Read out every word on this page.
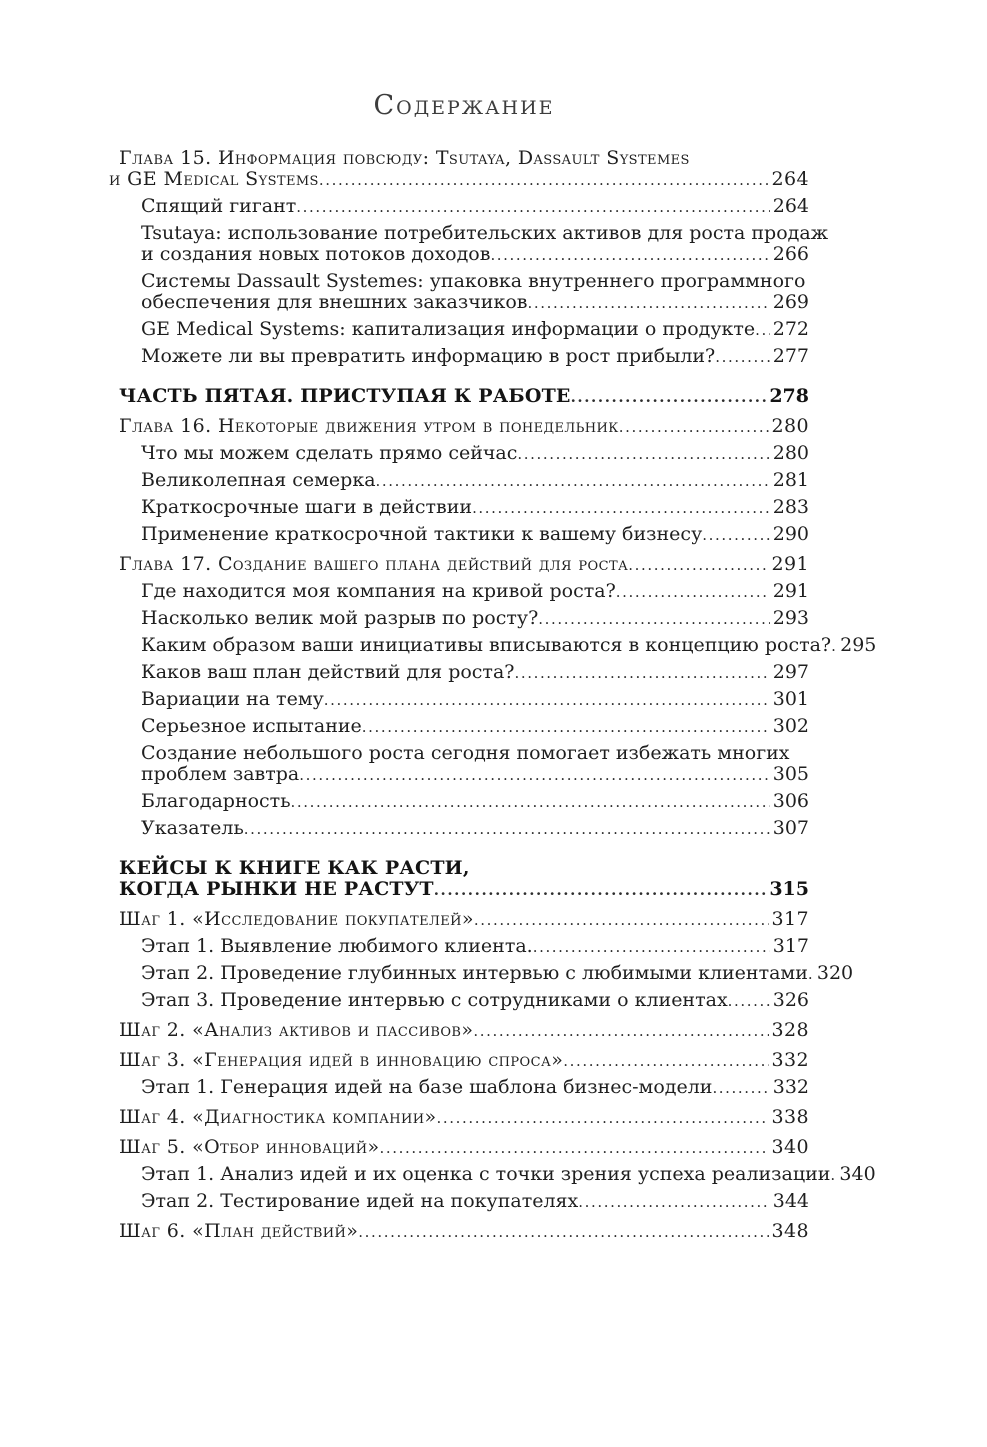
Содержание
Глава 15. Информация повсюду: Tsutaya, Dassault Systemes
и GE Medical Systems .....	264
Спящий гигант .....	264
Tsutaya: использование потребительских активов для роста продаж
и создания новых потоков доходов .....	266
Системы Dassault Systemes: упаковка внутреннего программного
обеспечения для внешних заказчиков .....	269
GE Medical Systems: капитализация информации о продукте ..... 272
Можете ли вы превратить информацию в рост прибыли? .....	277
ЧАСТЬ ПЯТАЯ. ПРИСТУПАЯ К РАБОТЕ .....	278
Глава 16. Некоторые движения утром в понедельник .....	280
Что мы можем сделать прямо сейчас .....	280
Великолепная семерка .....	281
Краткосрочные шаги в действии .....	283
Применение краткосрочной тактики к вашему бизнесу .....	290
Глава 17. Создание вашего плана действий для роста .....	291
Где находится моя компания на кривой роста? .....	291
Насколько велик мой разрыв по росту? .....	293
Каким образом ваши инициативы вписываются в концепцию роста? ..... 295
Каков ваш план действий для роста? .....	297
Вариации на тему .....	301
Серьезное испытание .....	302
Создание небольшого роста сегодня помогает избежать многих
проблем завтра .....	305
Благодарность .....	306
Указатель .....	307
КЕЙСЫ К КНИГЕ КАК РАСТИ,
КОГДА РЫНКИ НЕ РАСТУТ .....	315
Шаг 1. «Исследование покупателей» .....	317
Этап 1. Выявление любимого клиента. .....	317
Этап 2. Проведение глубинных интервью с любимыми клиентами ..... 320
Этап 3. Проведение интервью с сотрудниками о клиентах ..... 326
Шаг 2. «Анализ активов и пассивов» .....	328
Шаг 3. «Генерация идей в инновацию спроса» .....	332
Этап 1. Генерация идей на базе шаблона бизнес-модели .....	332
Шаг 4. «Диагностика компании» .....	338
Шаг 5. «Отбор инноваций» .....	340
Этап 1. Анализ идей и их оценка с точки зрения успеха реализации ..... 340
Этап 2. Тестирование идей на покупателях .....	344
Шаг 6. «План действий» .....	348
